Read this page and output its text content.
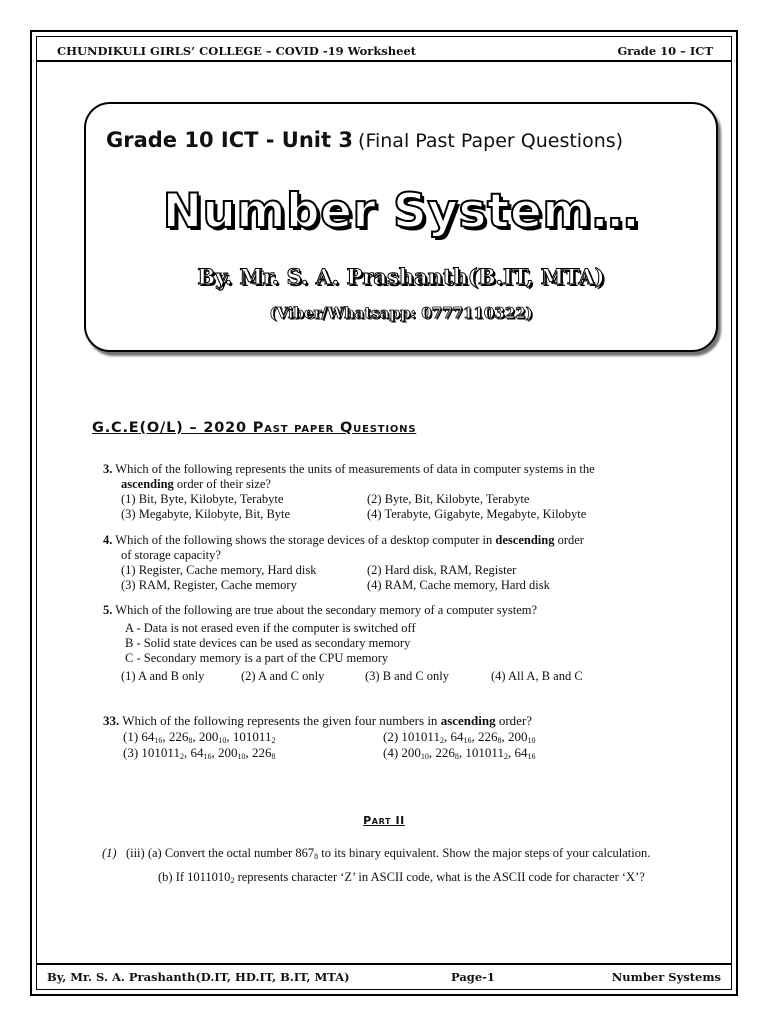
CHUNDIKULI GIRLS’ COLLEGE – COVID -19 Worksheet	Grade 10 – ICT
Grade 10 ICT - Unit 3 (Final Past Paper Questions)
Number System…
By. Mr. S. A. Prashanth(B.IT, MTA)
(Viber/Whatsapp: 0777110322)
G.C.E(O/L) – 2020 Past paper Questions
3. Which of the following represents the units of measurements of data in computer systems in the
ascending order of their size?
(1) Bit, Byte, Kilobyte, Terabyte	(2) Byte, Bit, Kilobyte, Terabyte
(3) Megabyte, Kilobyte, Bit, Byte	(4) Terabyte, Gigabyte, Megabyte, Kilobyte
4. Which of the following shows the storage devices of a desktop computer in descending order
of storage capacity?
(1) Register, Cache memory, Hard disk	(2) Hard disk, RAM, Register
(3) RAM, Register, Cache memory	(4) RAM, Cache memory, Hard disk
5. Which of the following are true about the secondary memory of a computer system?
A - Data is not erased even if the computer is switched off
B - Solid state devices can be used as secondary memory
C - Secondary memory is a part of the CPU memory
(1) A and B only	(2) A and C only	(3) B and C only	(4) All A, B and C
33. Which of the following represents the given four numbers in ascending order?
(1) $64_{16}$, $226_8$, $200_{10}$, $101011_2$	(2) $101011_2$, $64_{16}$, $226_8$, $200_{10}$
(3) $101011_2$, $64_{16}$, $200_{10}$, $226_8$	(4) $200_{10}$, $226_8$, $101011_2$, $64_{16}$
Part II
(1) (iii) (a) Convert the octal number $867_8$ to its binary equivalent. Show the major steps of your calculation.
(b) If $1011010_2$ represents character ‘Z’ in ASCII code, what is the ASCII code for character ‘X’?
By, Mr. S. A. Prashanth(D.IT, HD.IT, B.IT, MTA)	Page-1	Number Systems
